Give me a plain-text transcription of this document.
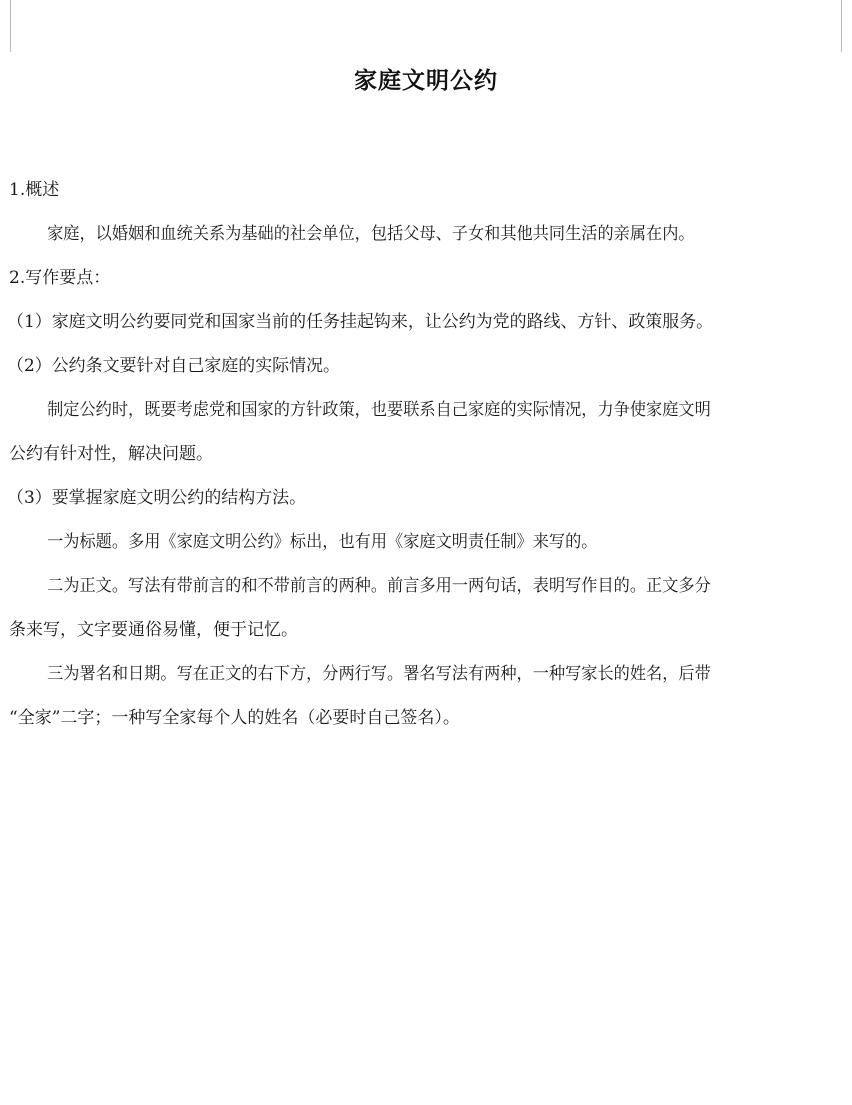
家庭文明公约

1.概述

家庭，以婚姻和血统关系为基础的社会单位，包括父母、子女和其他共同生活的亲属在内。

2.写作要点：

（1）家庭文明公约要同党和国家当前的任务挂起钩来，让公约为党的路线、方针、政策服务。

（2）公约条文要针对自己家庭的实际情况。

制定公约时，既要考虑党和国家的方针政策，也要联系自己家庭的实际情况，力争使家庭文明

公约有针对性，解决问题。

（3）要掌握家庭文明公约的结构方法。

一为标题。多用《家庭文明公约》标出，也有用《家庭文明责任制》来写的。

二为正文。写法有带前言的和不带前言的两种。前言多用一两句话，表明写作目的。正文多分

条来写，文字要通俗易懂，便于记忆。

三为署名和日期。写在正文的右下方，分两行写。署名写法有两种，一种写家长的姓名，后带

“全家”二字；一种写全家每个人的姓名（必要时自己签名）。
